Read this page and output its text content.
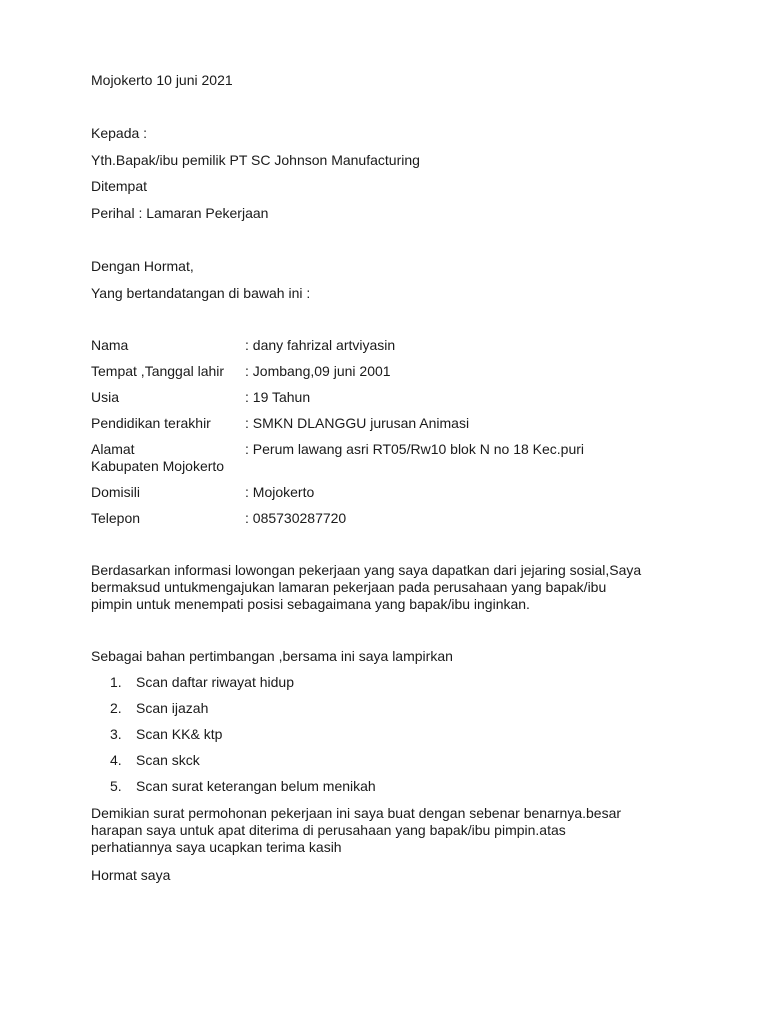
Mojokerto 10 juni 2021
Kepada :
Yth.Bapak/ibu pemilik PT SC Johnson Manufacturing
Ditempat
Perihal : Lamaran Pekerjaan
Dengan Hormat,
Yang bertandatangan di bawah ini :
Nama	: dany fahrizal artviyasin
Tempat ,Tanggal lahir : Jombang,09 juni 2001
Usia	: 19 Tahun
Pendidikan terakhir : SMKN DLANGGU jurusan Animasi
Alamat	: Perum lawang asri RT05/Rw10 blok N no 18 Kec.puri
Kabupaten Mojokerto
Domisili	: Mojokerto
Telepon	: 085730287720
Berdasarkan informasi lowongan pekerjaan yang saya dapatkan dari jejaring sosial,Saya
bermaksud untukmengajukan lamaran pekerjaan pada perusahaan yang bapak/ibu
pimpin untuk menempati posisi sebagaimana yang bapak/ibu inginkan.
Sebagai bahan pertimbangan ,bersama ini saya lampirkan
1. Scan daftar riwayat hidup
2. Scan ijazah
3. Scan KK& ktp
4. Scan skck
5. Scan surat keterangan belum menikah
Demikian surat permohonan pekerjaan ini saya buat dengan sebenar benarnya.besar
harapan saya untuk apat diterima di perusahaan yang bapak/ibu pimpin.atas
perhatiannya saya ucapkan terima kasih
Hormat saya
